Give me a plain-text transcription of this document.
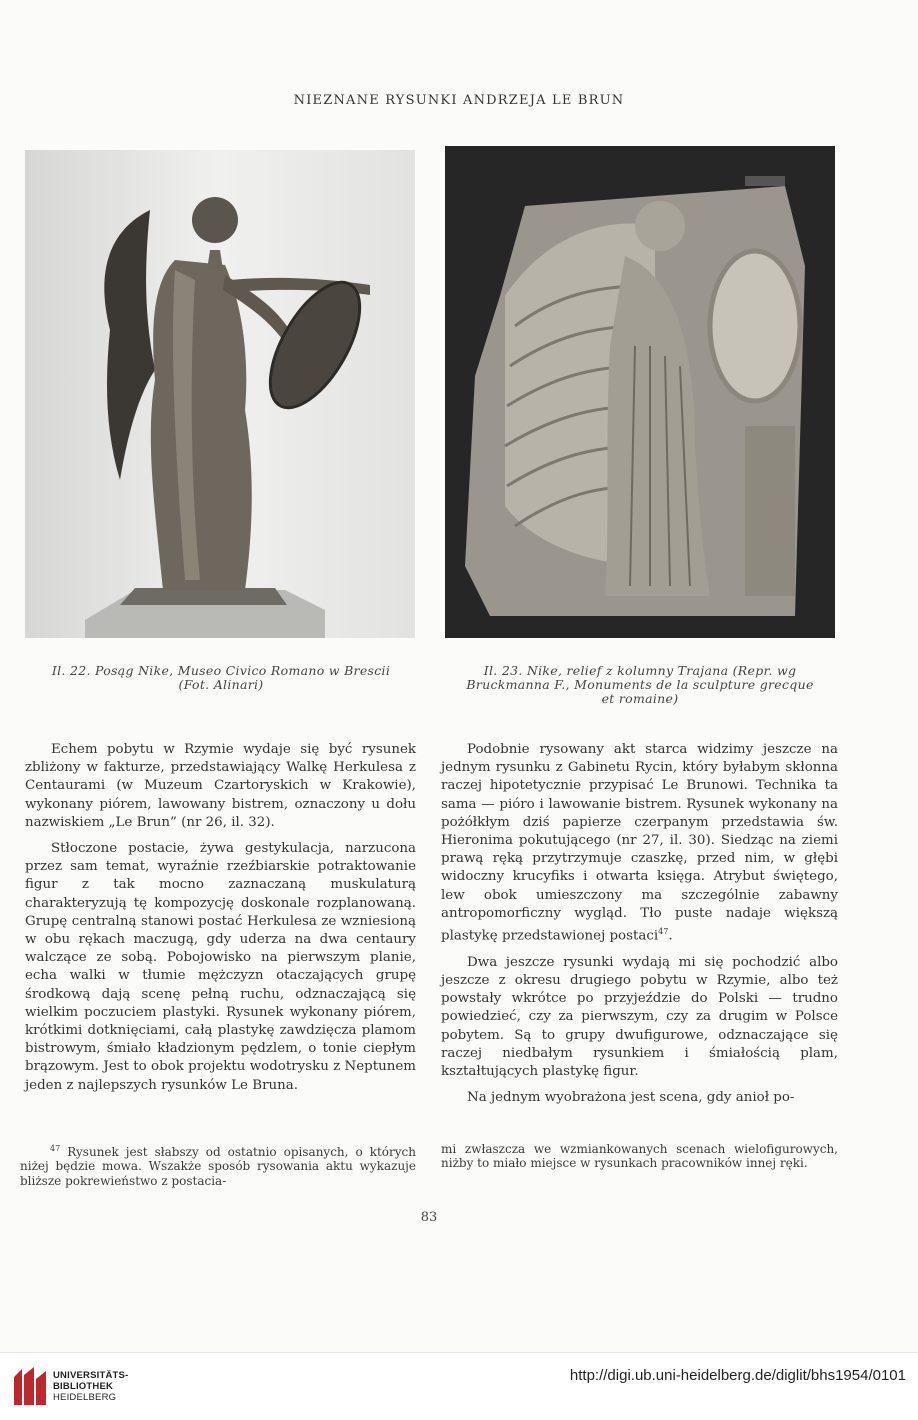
NIEZNANE RYSUNKI ANDRZEJA LE BRUN
Il. 22. Posąg Nike, Museo Civico Romano w Brescii
(Fot. Alinari)
Il. 23. Nike, relief z kolumny Trajana (Repr. wg
Bruckmanna F., Monuments de la sculpture grecque
et romaine)

Echem pobytu w Rzymie wydaje się być rysunek zbliżony w fakturze, przedstawiający Walkę Herkulesa z Centaurami (w Muzeum Czartoryskich w Krakowie), wykonany piórem, lawowany bistrem, oznaczony u dołu nazwiskiem „Le Brun” (nr 26, il. 32).

Stłoczone postacie, żywa gestykulacja, narzucona przez sam temat, wyraźnie rzeźbiarskie potraktowanie figur z tak mocno zaznaczaną muskulaturą charakteryzują tę kompozycję doskonale rozplanowaną. Grupę centralną stanowi postać Herkulesa ze wzniesioną w obu rękach maczugą, gdy uderza na dwa centaury walczące ze sobą. Pobojowisko na pierwszym planie, echa walki w tłumie mężczyzn otaczających grupę środkową dają scenę pełną ruchu, odznaczającą się wielkim poczuciem plastyki. Rysunek wykonany piórem, krótkimi dotknięciami, całą plastykę zawdzięcza plamom bistrowym, śmiało kładzionym pędzlem, o tonie ciepłym brązowym. Jest to obok projektu wodotrysku z Neptunem jeden z najlepszych rysunków Le Bruna.

Podobnie rysowany akt starca widzimy jeszcze na jednym rysunku z Gabinetu Rycin, który byłabym skłonna raczej hipotetycznie przypisać Le Brunowi. Technika ta sama — pióro i lawowanie bistrem. Rysunek wykonany na pożółkłym dziś papierze czerpanym przedstawia św. Hieronima pokutującego (nr 27, il. 30). Siedząc na ziemi prawą ręką przytrzymuje czaszkę, przed nim, w głębi widoczny krucyfiks i otwarta księga. Atrybut świętego, lew obok umieszczony ma szczególnie zabawny antropomorficzny wygląd. Tło puste nadaje większą plastykę przedstawionej postaci$^{47}$.

Dwa jeszcze rysunki wydają mi się pochodzić albo jeszcze z okresu drugiego pobytu w Rzymie, albo też powstały wkrótce po przyjeździe do Polski — trudno powiedzieć, czy za pierwszym, czy za drugim w Polsce pobytem. Są to grupy dwufigurowe, odznaczające się raczej niedbałym rysunkiem i śmiałością plam, kształtujących plastykę figur.

Na jednym wyobrażona jest scena, gdy anioł po-

$^{47}$ Rysunek jest słabszy od ostatnio opisanych, o których niżej będzie mowa. Wszakże sposób rysowania aktu wykazuje bliższe pokrewieństwo z postacia-
mi zwłaszcza we wzmiankowanych scenach wielofigurowych, niżby to miało miejsce w rysunkach pracowników innej ręki.
83
UNIVERSITÄTS-
BIBLIOTHEK
HEIDELBERG
http://digi.ub.uni-heidelberg.de/diglit/bhs1954/0101
